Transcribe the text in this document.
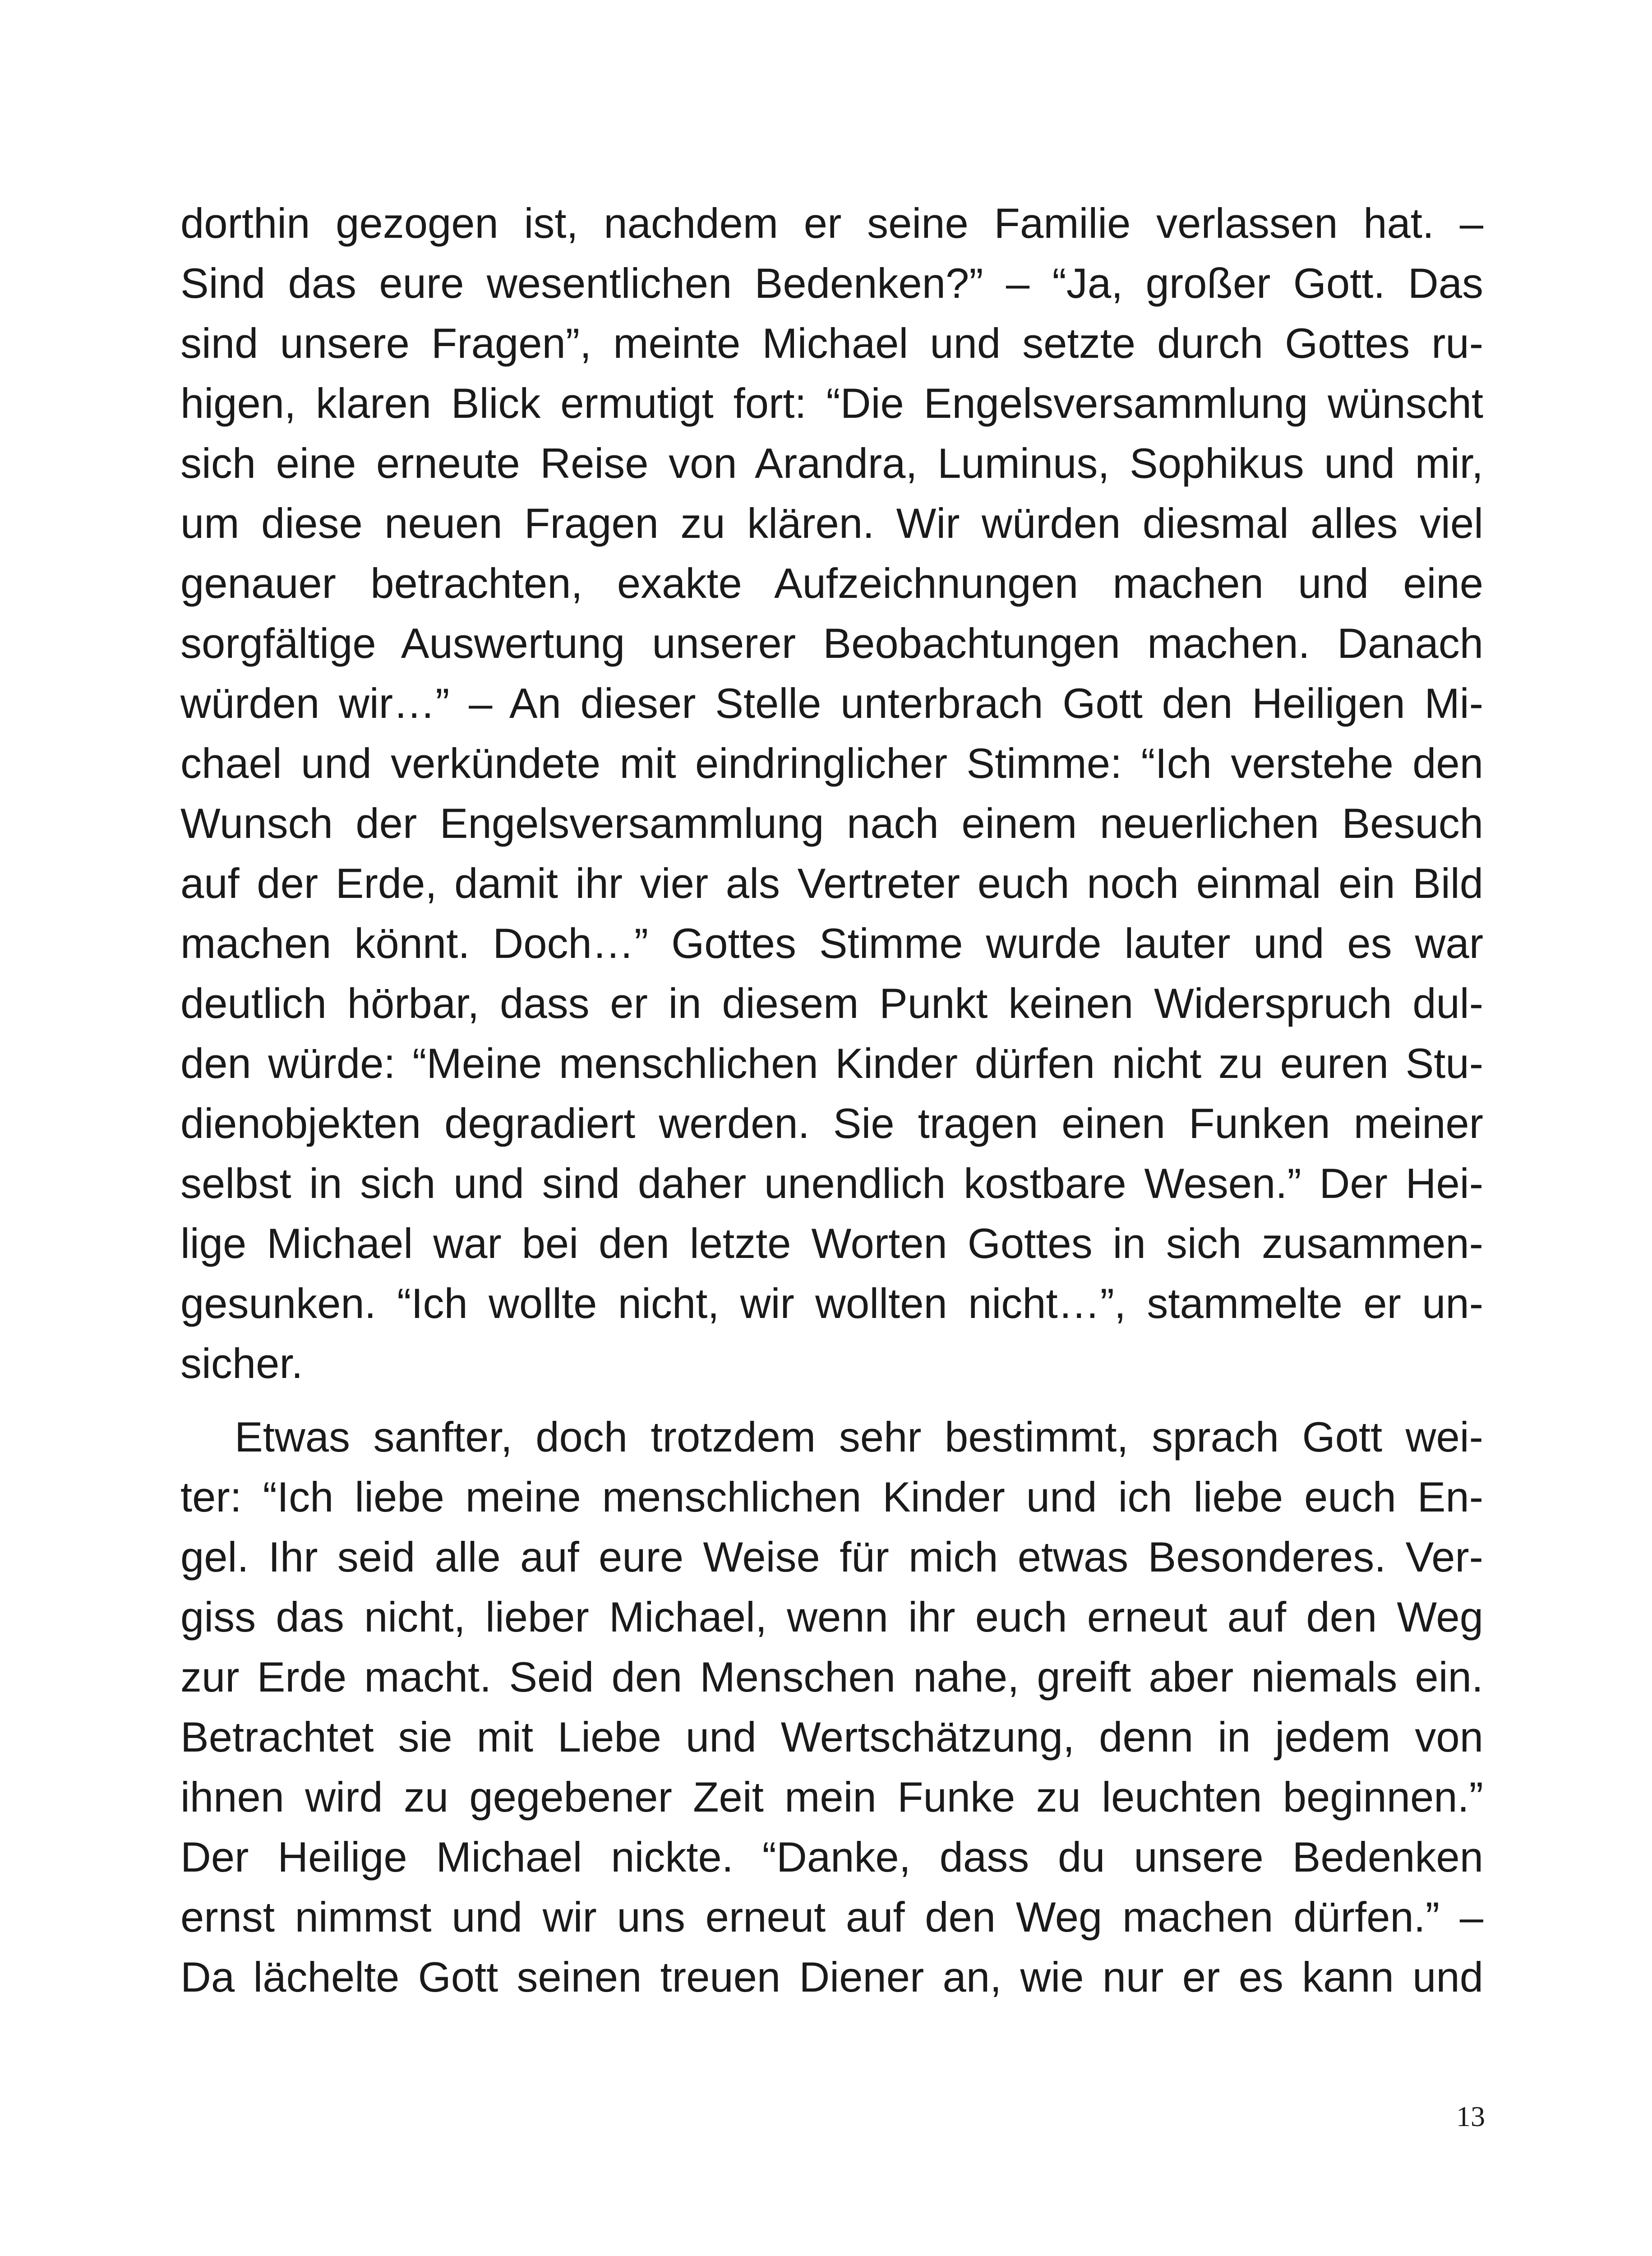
dorthin gezogen ist, nachdem er seine Familie verlassen hat. –
Sind das eure wesentlichen Bedenken?” – “Ja, großer Gott. Das
sind unsere Fragen”, meinte Michael und setzte durch Gottes ru-
higen, klaren Blick ermutigt fort: “Die Engelsversammlung wünscht
sich eine erneute Reise von Arandra, Luminus, Sophikus und mir,
um diese neuen Fragen zu klären. Wir würden diesmal alles viel
genauer betrachten, exakte Aufzeichnungen machen und eine
sorgfältige Auswertung unserer Beobachtungen machen. Danach
würden wir…” – An dieser Stelle unterbrach Gott den Heiligen Mi-
chael und verkündete mit eindringlicher Stimme: “Ich verstehe den
Wunsch der Engelsversammlung nach einem neuerlichen Besuch
auf der Erde, damit ihr vier als Vertreter euch noch einmal ein Bild
machen könnt. Doch…” Gottes Stimme wurde lauter und es war
deutlich hörbar, dass er in diesem Punkt keinen Widerspruch dul-
den würde: “Meine menschlichen Kinder dürfen nicht zu euren Stu-
dienobjekten degradiert werden. Sie tragen einen Funken meiner
selbst in sich und sind daher unendlich kostbare Wesen.” Der Hei-
lige Michael war bei den letzte Worten Gottes in sich zusammen-
gesunken. “Ich wollte nicht, wir wollten nicht…”, stammelte er un-
sicher.
Etwas sanfter, doch trotzdem sehr bestimmt, sprach Gott wei-
ter: “Ich liebe meine menschlichen Kinder und ich liebe euch En-
gel. Ihr seid alle auf eure Weise für mich etwas Besonderes. Ver-
giss das nicht, lieber Michael, wenn ihr euch erneut auf den Weg
zur Erde macht. Seid den Menschen nahe, greift aber niemals ein.
Betrachtet sie mit Liebe und Wertschätzung, denn in jedem von
ihnen wird zu gegebener Zeit mein Funke zu leuchten beginnen.”
Der Heilige Michael nickte. “Danke, dass du unsere Bedenken
ernst nimmst und wir uns erneut auf den Weg machen dürfen.” –
Da lächelte Gott seinen treuen Diener an, wie nur er es kann und
13
